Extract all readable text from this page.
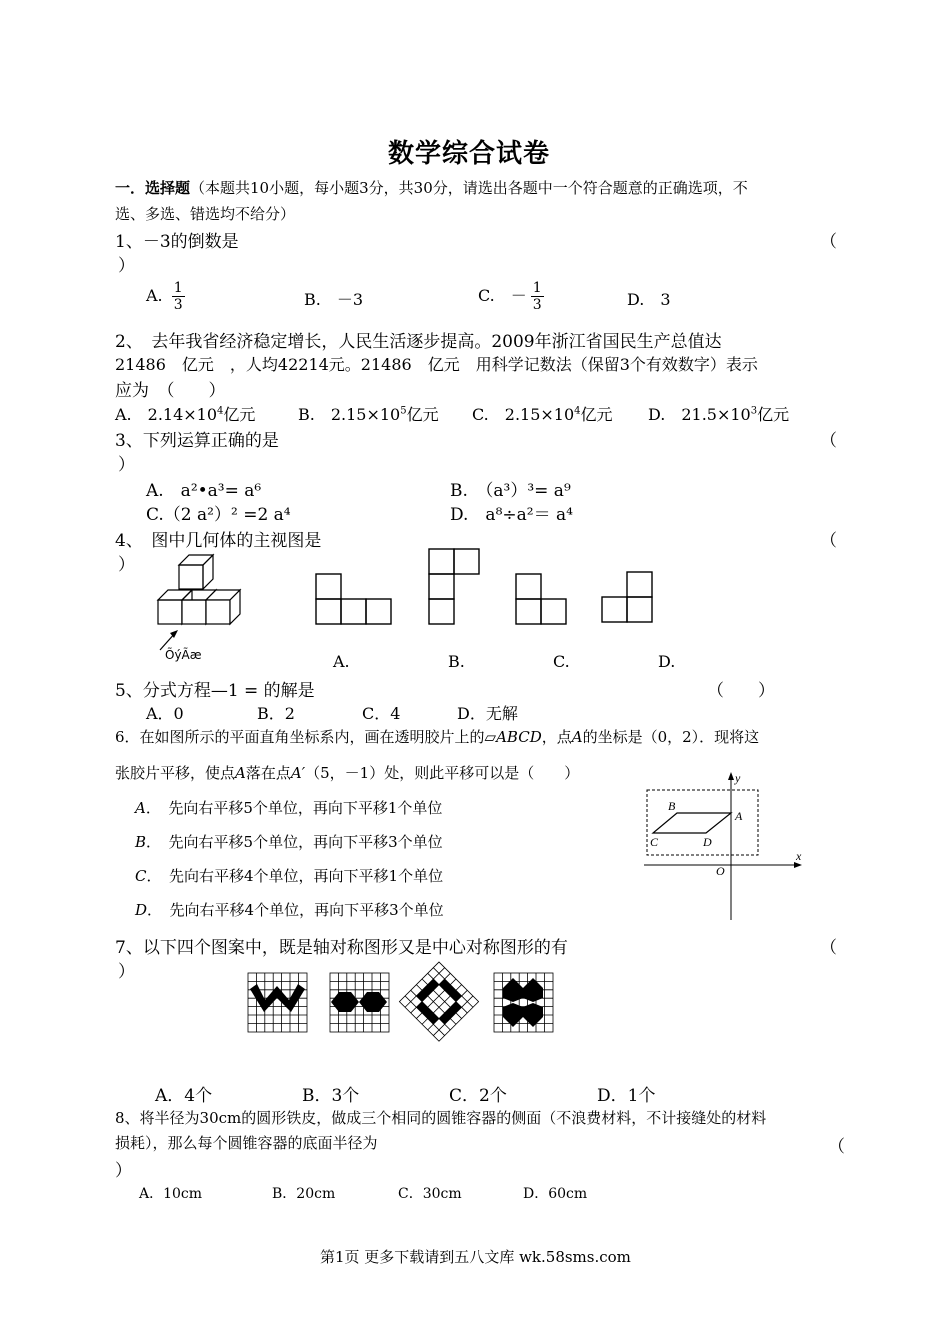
数学综合试卷
一．选择题（本题共10小题，每小题3分，共30分，请选出各题中一个符合题意的正确选项，不
选、多选、错选均不给分）
1、－3的倒数是	（
）
A. $\frac{1}{3}$	B.　－3	C.　－ $\frac{1}{3}$	D.　3
2、　去年我省经济稳定增长，人民生活逐步提高。2009年浙江省国民生产总值达
21486　亿元　，人均42214元。21486　亿元　用科学记数法（保留3个有效数字）表示
应为　（　　）
A.　$2.14\times 10^4$亿元	B.　$2.15\times 10^5$亿元 C.　$2.15\times 10^4$亿元 D.　$21.5\times 10^3$亿元
3、下列运算正确的是	（
）
A.　a²•a³= a⁶	B.　（a³）³= a⁹
C.（2 a²）² =2 a⁴	D.　a⁸÷a²＝ a⁴
4、　图中几何体的主视图是	（
）
ÕýÃæ	A.	B.	C.	D.
5、分式方程—1 = 的解是	（　　）
A．0	B．2	C．4	D．无解
6．在如图所示的平面直角坐标系内，画在透明胶片上的▱ABCD，点A的坐标是（0，2）．现将这
张胶片平移，使点A落在点A′（5，－1）处，则此平移可以是（　　）
A．　先向右平移5个单位，再向下平移1个单位
B．　先向右平移5个单位，再向下平移3个单位
C．　先向右平移4个单位，再向下平移1个单位
D．　先向右平移4个单位，再向下平移3个单位
y
x
O
A
B
C	D
7、以下四个图案中，既是轴对称图形又是中心对称图形的有	（
）
A．4个	B．3个	C．2个	D．1个
8、将半径为30cm的圆形铁皮，做成三个相同的圆锥容器的侧面（不浪费材料，不计接缝处的材料
损耗），那么每个圆锥容器的底面半径为	（
）
A．10cm	B．20cm	C．30cm	D．60cm
第1页 更多下载请到五八文库 wk.58sms.com
